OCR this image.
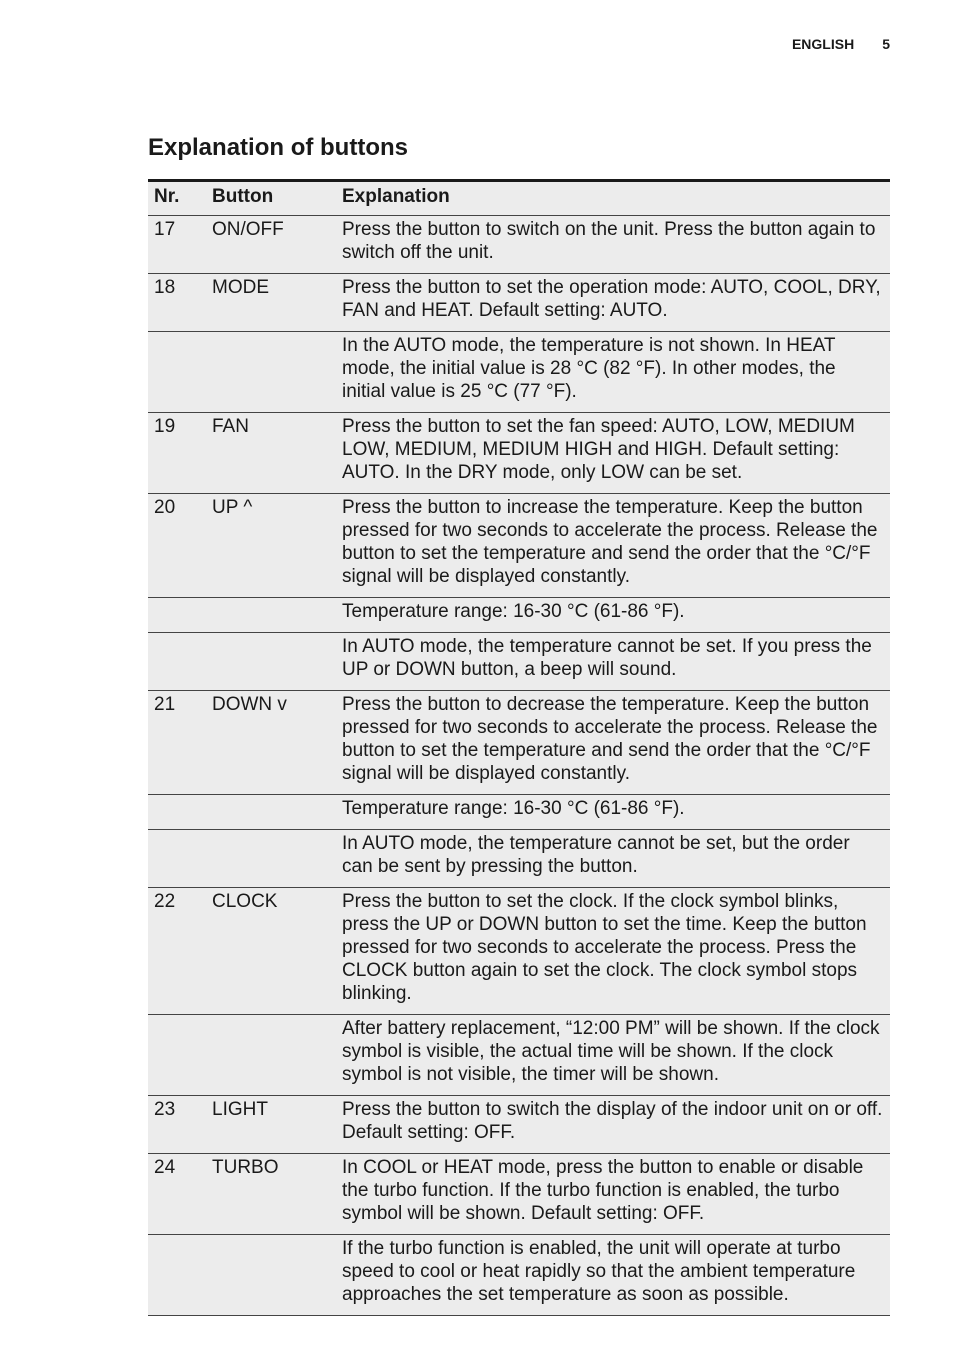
ENGLISH 5
Explanation of buttons
Nr.	Button	Explanation
17	ON/OFF	Press the button to switch on the unit. Press the button again to switch off the unit.
18	MODE	Press the button to set the operation mode: AUTO, COOL, DRY, FAN and HEAT. Default setting: AUTO.
		In the AUTO mode, the temperature is not shown. In HEAT mode, the initial value is 28 °C (82 °F). In other modes, the initial value is 25 °C (77 °F).
19	FAN	Press the button to set the fan speed: AUTO, LOW, MEDIUM LOW, MEDIUM, MEDIUM HIGH and HIGH. Default setting: AUTO. In the DRY mode, only LOW can be set.
20	UP ^	Press the button to increase the temperature. Keep the button pressed for two seconds to accelerate the process. Release the button to set the temperature and send the order that the °C/°F signal will be displayed constantly.
		Temperature range: 16-30 °C (61-86 °F).
		In AUTO mode, the temperature cannot be set. If you press the UP or DOWN button, a beep will sound.
21	DOWN v	Press the button to decrease the temperature. Keep the button pressed for two seconds to accelerate the process. Release the button to set the temperature and send the order that the °C/°F signal will be displayed constantly.
		Temperature range: 16-30 °C (61-86 °F).
		In AUTO mode, the temperature cannot be set, but the order can be sent by pressing the button.
22	CLOCK	Press the button to set the clock. If the clock symbol blinks, press the UP or DOWN button to set the time. Keep the button pressed for two seconds to accelerate the process. Press the CLOCK button again to set the clock. The clock symbol stops blinking.
		After battery replacement, “12:00 PM” will be shown. If the clock symbol is visible, the actual time will be shown. If the clock symbol is not visible, the timer will be shown.
23	LIGHT	Press the button to switch the display of the indoor unit on or off. Default setting: OFF.
24	TURBO	In COOL or HEAT mode, press the button to enable or disable the turbo function. If the turbo function is enabled, the turbo symbol will be shown. Default setting: OFF.
		If the turbo function is enabled, the unit will operate at turbo speed to cool or heat rapidly so that the ambient temperature approaches the set temperature as soon as possible.
